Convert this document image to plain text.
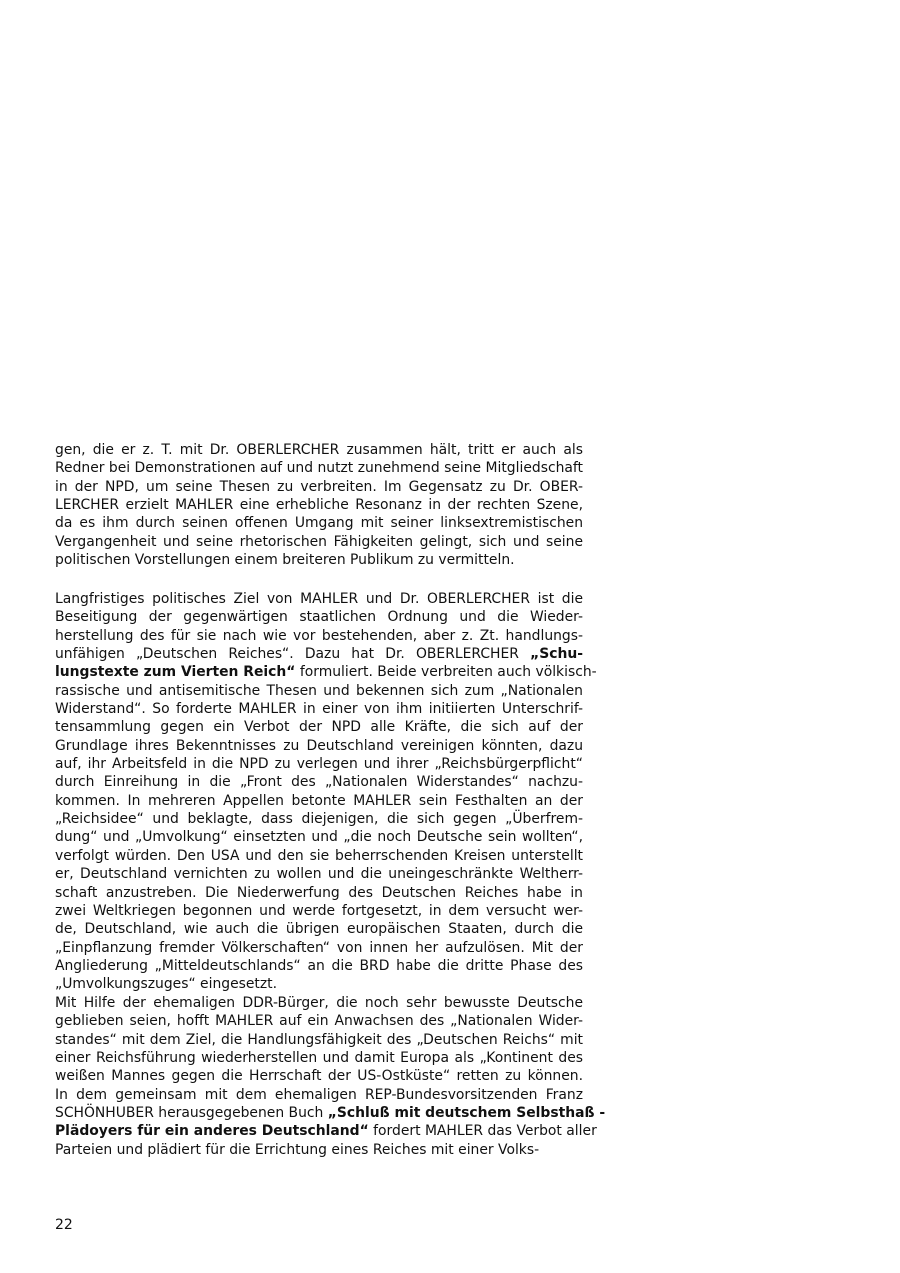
gen, die er z. T. mit Dr. OBERLERCHER zusammen hält, tritt er auch als
Redner bei Demonstrationen auf und nutzt zunehmend seine Mitgliedschaft
in der NPD, um seine Thesen zu verbreiten. Im Gegensatz zu Dr. OBER-
LERCHER erzielt MAHLER eine erhebliche Resonanz in der rechten Szene,
da es ihm durch seinen offenen Umgang mit seiner linksextremistischen
Vergangenheit und seine rhetorischen Fähigkeiten gelingt, sich und seine
politischen Vorstellungen einem breiteren Publikum zu vermitteln.
Langfristiges politisches Ziel von MAHLER und Dr. OBERLERCHER ist die
Beseitigung der gegenwärtigen staatlichen Ordnung und die Wieder-
herstellung des für sie nach wie vor bestehenden, aber z. Zt. handlungs-
unfähigen „Deutschen Reiches“. Dazu hat Dr. OBERLERCHER „Schu-
lungstexte zum Vierten Reich“ formuliert. Beide verbreiten auch völkisch-
rassische und antisemitische Thesen und bekennen sich zum „Nationalen
Widerstand“. So forderte MAHLER in einer von ihm initiierten Unterschrif-
tensammlung gegen ein Verbot der NPD alle Kräfte, die sich auf der
Grundlage ihres Bekenntnisses zu Deutschland vereinigen könnten, dazu
auf, ihr Arbeitsfeld in die NPD zu verlegen und ihrer „Reichsbürgerpflicht“
durch Einreihung in die „Front des „Nationalen Widerstandes“ nachzu-
kommen. In mehreren Appellen betonte MAHLER sein Festhalten an der
„Reichsidee“ und beklagte, dass diejenigen, die sich gegen „Überfrem-
dung“ und „Umvolkung“ einsetzten und „die noch Deutsche sein wollten“,
verfolgt würden. Den USA und den sie beherrschenden Kreisen unterstellt
er, Deutschland vernichten zu wollen und die uneingeschränkte Weltherr-
schaft anzustreben. Die Niederwerfung des Deutschen Reiches habe in
zwei Weltkriegen begonnen und werde fortgesetzt, in dem versucht wer-
de, Deutschland, wie auch die übrigen europäischen Staaten, durch die
„Einpflanzung fremder Völkerschaften“ von innen her aufzulösen. Mit der
Angliederung „Mitteldeutschlands“ an die BRD habe die dritte Phase des
„Umvolkungszuges“ eingesetzt.
Mit Hilfe der ehemaligen DDR-Bürger, die noch sehr bewusste Deutsche
geblieben seien, hofft MAHLER auf ein Anwachsen des „Nationalen Wider-
standes“ mit dem Ziel, die Handlungsfähigkeit des „Deutschen Reichs“ mit
einer Reichsführung wiederherstellen und damit Europa als „Kontinent des
weißen Mannes gegen die Herrschaft der US-Ostküste“ retten zu können.
In dem gemeinsam mit dem ehemaligen REP-Bundesvorsitzenden Franz
SCHÖNHUBER herausgegebenen Buch „Schluß mit deutschem Selbsthaß -
Plädoyers für ein anderes Deutschland“ fordert MAHLER das Verbot aller
Parteien und plädiert für die Errichtung eines Reiches mit einer Volks-
22
